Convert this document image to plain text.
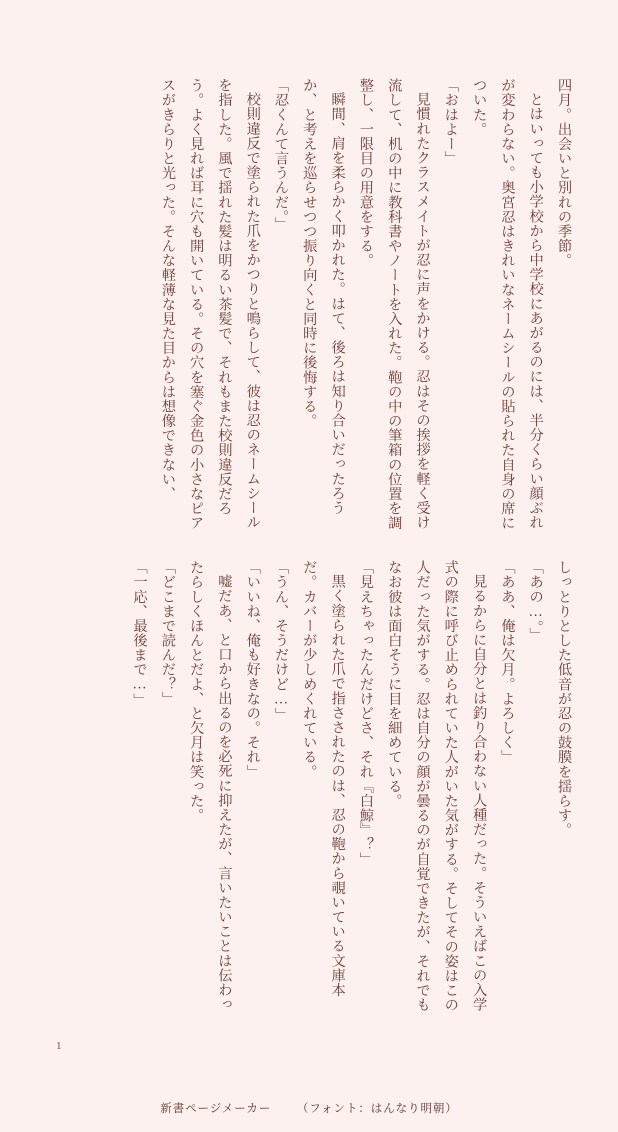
四月。出会いと別れの季節。

とはいっても小学校から中学校にあがるのには、半分くらい顔ぶれが変わらない。奥宮忍はきれいなネームシールの貼られた自身の席についた。

「おはよー」

見慣れたクラスメイトが忍に声をかける。忍はその挨拶を軽く受け流して、机の中に教科書やノートを入れた。鞄の中の筆箱の位置を調整し、一限目の用意をする。

瞬間、肩を柔らかく叩かれた。はて、後ろは知り合いだったろうか、と考えを巡らせつつ振り向くと同時に後悔する。

「忍くんて言うんだ。」

校則違反で塗られた爪をかつりと鳴らして、彼は忍のネームシールを指した。風で揺れた髪は明るい茶髪で、それもまた校則違反だろう。よく見れば耳に穴も開いている。その穴を塞ぐ金色の小さなピアスがきらりと光った。そんな軽薄な見た目からは想像できない、

しっとりとした低音が忍の鼓膜を揺らす。

「あの…。」

「ああ、俺は欠月。よろしく」

見るからに自分とは釣り合わない人種だった。そういえばこの入学式の際に呼び止められていた人がいた気がする。そしてその姿はこの人だった気がする。忍は自分の顔が曇るのが自覚できたが、それでもなお彼は面白そうに目を細めている。

「見えちゃったんだけどさ、それ『白鯨』？」

黒く塗られた爪で指さされたのは、忍の鞄から覗いている文庫本だ。カバーが少しめくれている。

「うん、そうだけど…」

「いいね、俺も好きなの。それ」

嘘だあ、と口から出るのを必死に抑えたが、言いたいことは伝わったらしくほんとだよ、と欠月は笑った。

「どこまで読んだ？」

「一応、最後まで…」

1
新書ページメーカー （フォント：はんなり明朝）
